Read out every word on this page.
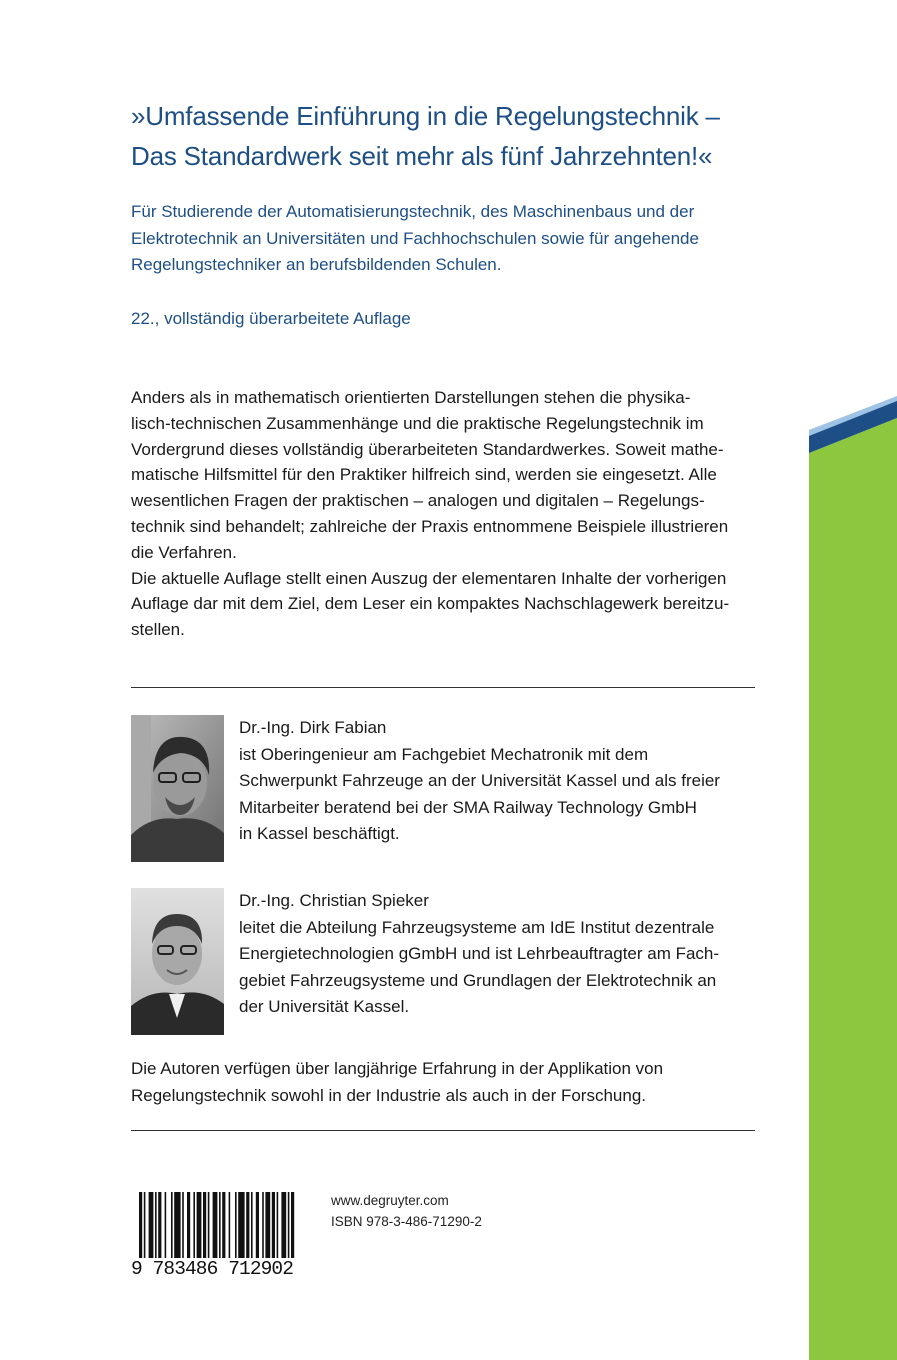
»Umfassende Einführung in die Regelungstechnik –
Das Standardwerk seit mehr als fünf Jahrzehnten!«
Für Studierende der Automatisierungstechnik, des Maschinenbaus und der
Elektrotechnik an Universitäten und Fachhochschulen sowie für angehende
Regelungstechniker an berufsbildenden Schulen.
22., vollständig überarbeitete Auflage
Anders als in mathematisch orientierten Darstellungen stehen die physika-
lisch-technischen Zusammenhänge und die praktische Regelungstechnik im
Vordergrund dieses vollständig überarbeiteten Standardwerkes. Soweit mathe-
matische Hilfsmittel für den Praktiker hilfreich sind, werden sie eingesetzt. Alle
wesentlichen Fragen der praktischen – analogen und digitalen – Regelungs-
technik sind behandelt; zahlreiche der Praxis entnommene Beispiele illustrieren
die Verfahren.
Die aktuelle Auflage stellt einen Auszug der elementaren Inhalte der vorherigen
Auflage dar mit dem Ziel, dem Leser ein kompaktes Nachschlagewerk bereitzu-
stellen.
Dr.-Ing. Dirk Fabian
ist Oberingenieur am Fachgebiet Mechatronik mit dem
Schwerpunkt Fahrzeuge an der Universität Kassel und als freier
Mitarbeiter beratend bei der SMA Railway Technology GmbH
in Kassel beschäftigt.
Dr.-Ing. Christian Spieker
leitet die Abteilung Fahrzeugsysteme am IdE Institut dezentrale
Energietechnologien gGmbH und ist Lehrbeauftragter am Fach-
gebiet Fahrzeugsysteme und Grundlagen der Elektrotechnik an
der Universität Kassel.
Die Autoren verfügen über langjährige Erfahrung in der Applikation von
Regelungstechnik sowohl in der Industrie als auch in der Forschung.
9 783486 712902
www.degruyter.com
ISBN 978-3-486-71290-2
